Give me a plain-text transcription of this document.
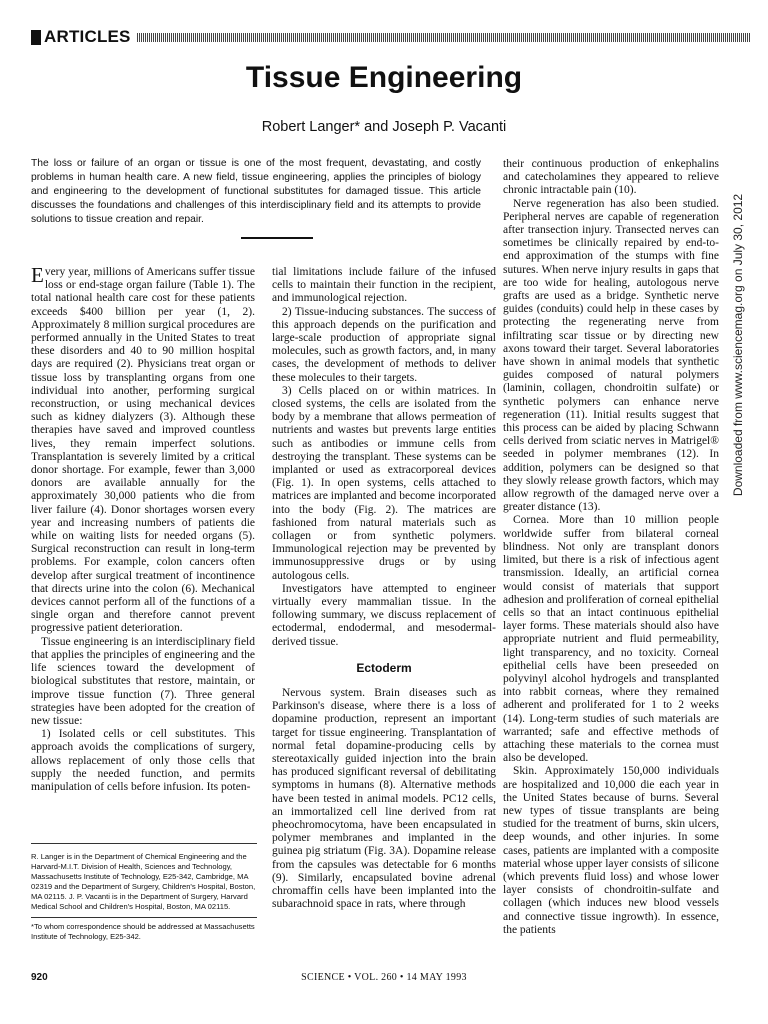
ARTICLES
Tissue Engineering
Robert Langer* and Joseph P. Vacanti

The loss or failure of an organ or tissue is one of the most frequent, devastating, and costly problems in human health care. A new field, tissue engineering, applies the principles of biology and engineering to the development of functional substitutes for damaged tissue. This article discusses the foundations and challenges of this interdisciplinary field and its attempts to provide solutions to tissue creation and repair.

Every year, millions of Americans suffer tissue loss or end-stage organ failure (Table 1). The total national health care cost for these patients exceeds $400 billion per year (1, 2). Approximately 8 million surgical procedures are performed annually in the United States to treat these disorders and 40 to 90 million hospital days are required (2). Physicians treat organ or tissue loss by transplanting organs from one individual into another, performing surgical reconstruction, or using mechanical devices such as kidney dialyzers (3). Although these therapies have saved and improved countless lives, they remain imperfect solutions. Transplantation is severely limited by a critical donor shortage. For example, fewer than 3,000 donors are available annually for the approximately 30,000 patients who die from liver failure (4). Donor shortages worsen every year and increasing numbers of patients die while on waiting lists for needed organs (5). Surgical reconstruction can result in long-term problems. For example, colon cancers often develop after surgical treatment of incontinence that directs urine into the colon (6). Mechanical devices cannot perform all of the functions of a single organ and therefore cannot prevent progressive patient deterioration.

Tissue engineering is an interdisciplinary field that applies the principles of engineering and the life sciences toward the development of biological substitutes that restore, maintain, or improve tissue function (7). Three general strategies have been adopted for the creation of new tissue:

1) Isolated cells or cell substitutes. This approach avoids the complications of surgery, allows replacement of only those cells that supply the needed function, and permits manipulation of cells before infusion. Its poten-

R. Langer is in the Department of Chemical Engineering and the Harvard-M.I.T. Division of Health, Sciences and Technology, Massachusetts Institute of Technology, E25-342, Cambridge, MA 02319 and the Department of Surgery, Children's Hospital, Boston, MA 02115. J. P. Vacanti is in the Department of Surgery, Harvard Medical School and Children's Hospital, Boston, MA 02115.

*To whom correspondence should be addressed at Massachusetts Institute of Technology, E25-342.

tial limitations include failure of the infused cells to maintain their function in the recipient, and immunological rejection.

2) Tissue-inducing substances. The success of this approach depends on the purification and large-scale production of appropriate signal molecules, such as growth factors, and, in many cases, the development of methods to deliver these molecules to their targets.

3) Cells placed on or within matrices. In closed systems, the cells are isolated from the body by a membrane that allows permeation of nutrients and wastes but prevents large entities such as antibodies or immune cells from destroying the transplant. These systems can be implanted or used as extracorporeal devices (Fig. 1). In open systems, cells attached to matrices are implanted and become incorporated into the body (Fig. 2). The matrices are fashioned from natural materials such as collagen or from synthetic polymers. Immunological rejection may be prevented by immunosuppressive drugs or by using autologous cells.

Investigators have attempted to engineer virtually every mammalian tissue. In the following summary, we discuss replacement of ectodermal, endodermal, and mesodermal-derived tissue.

Ectoderm

Nervous system. Brain diseases such as Parkinson's disease, where there is a loss of dopamine production, represent an important target for tissue engineering. Transplantation of normal fetal dopamine-producing cells by stereotaxically guided injection into the brain has produced significant reversal of debilitating symptoms in humans (8). Alternative methods have been tested in animal models. PC12 cells, an immortalized cell line derived from rat pheochromocytoma, have been encapsulated in polymer membranes and implanted in the guinea pig striatum (Fig. 3A). Dopamine release from the capsules was detectable for 6 months (9). Similarly, encapsulated bovine adrenal chromaffin cells have been implanted into the subarachnoid space in rats, where through

their continuous production of enkephalins and catecholamines they appeared to relieve chronic intractable pain (10).

Nerve regeneration has also been studied. Peripheral nerves are capable of regeneration after transection injury. Transected nerves can sometimes be clinically repaired by end-to-end approximation of the stumps with fine sutures. When nerve injury results in gaps that are too wide for healing, autologous nerve grafts are used as a bridge. Synthetic nerve guides (conduits) could help in these cases by protecting the regenerating nerve from infiltrating scar tissue or by directing new axons toward their target. Several laboratories have shown in animal models that synthetic guides composed of natural polymers (laminin, collagen, chondroitin sulfate) or synthetic polymers can enhance nerve regeneration (11). Initial results suggest that this process can be aided by placing Schwann cells derived from sciatic nerves in Matrigel® seeded in polymer membranes (12). In addition, polymers can be designed so that they slowly release growth factors, which may allow regrowth of the damaged nerve over a greater distance (13).

Cornea. More than 10 million people worldwide suffer from bilateral corneal blindness. Not only are transplant donors limited, but there is a risk of infectious agent transmission. Ideally, an artificial cornea would consist of materials that support adhesion and proliferation of corneal epithelial cells so that an intact continuous epithelial layer forms. These materials should also have appropriate nutrient and fluid permeability, light transparency, and no toxicity. Corneal epithelial cells have been preseeded on polyvinyl alcohol hydrogels and transplanted into rabbit corneas, where they remained adherent and proliferated for 1 to 2 weeks (14). Long-term studies of such materials are warranted; safe and effective methods of attaching these materials to the cornea must also be developed.

Skin. Approximately 150,000 individuals are hospitalized and 10,000 die each year in the United States because of burns. Several new types of tissue transplants are being studied for the treatment of burns, skin ulcers, deep wounds, and other injuries. In some cases, patients are implanted with a composite material whose upper layer consists of silicone (which prevents fluid loss) and whose lower layer consists of chondroitin-sulfate and collagen (which induces new blood vessels and connective tissue ingrowth). In essence, the patients

920	SCIENCE • VOL. 260 • 14 MAY 1993
Downloaded from www.sciencemag.org on July 30, 2012
